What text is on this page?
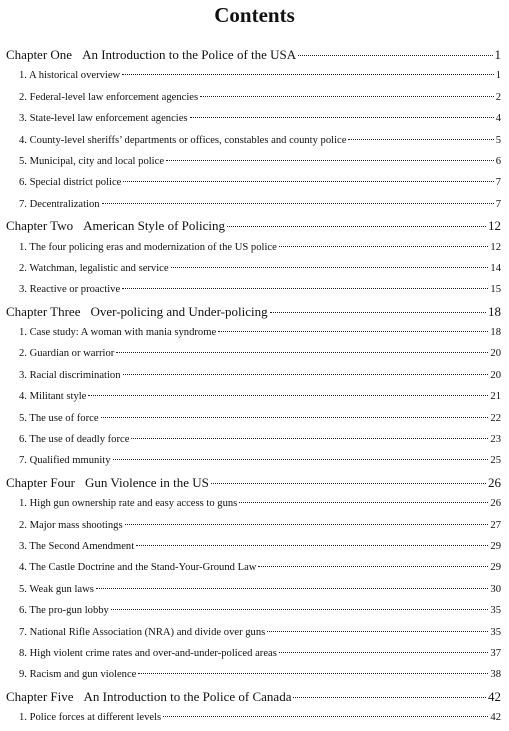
Contents
Chapter One An Introduction to the Police of the USA	1
1. A historical overview	1
2. Federal-level law enforcement agencies	2
3. State-level law enforcement agencies	4
4. County-level sheriffs’ departments or offices, constables and county police	5
5. Municipal, city and local police	6
6. Special district police	7
7. Decentralization	7
Chapter Two American Style of Policing	12
1. The four policing eras and modernization of the US police	12
2. Watchman, legalistic and service	14
3. Reactive or proactive	15
Chapter Three Over-policing and Under-policing	18
1. Case study: A woman with mania syndrome	18
2. Guardian or warrior	20
3. Racial discrimination	20
4. Militant style	21
5. The use of force	22
6. The use of deadly force	23
7. Qualified mmunity	25
Chapter Four Gun Violence in the US	26
1. High gun ownership rate and easy access to guns	26
2. Major mass shootings	27
3. The Second Amendment	29
4. The Castle Doctrine and the Stand-Your-Ground Law	29
5. Weak gun laws	30
6. The pro-gun lobby	35
7. National Rifle Association (NRA) and divide over guns	35
8. High violent crime rates and over-and-under-policed areas	37
9. Racism and gun violence	38
Chapter Five An Introduction to the Police of Canada	42
1. Police forces at different levels	42
